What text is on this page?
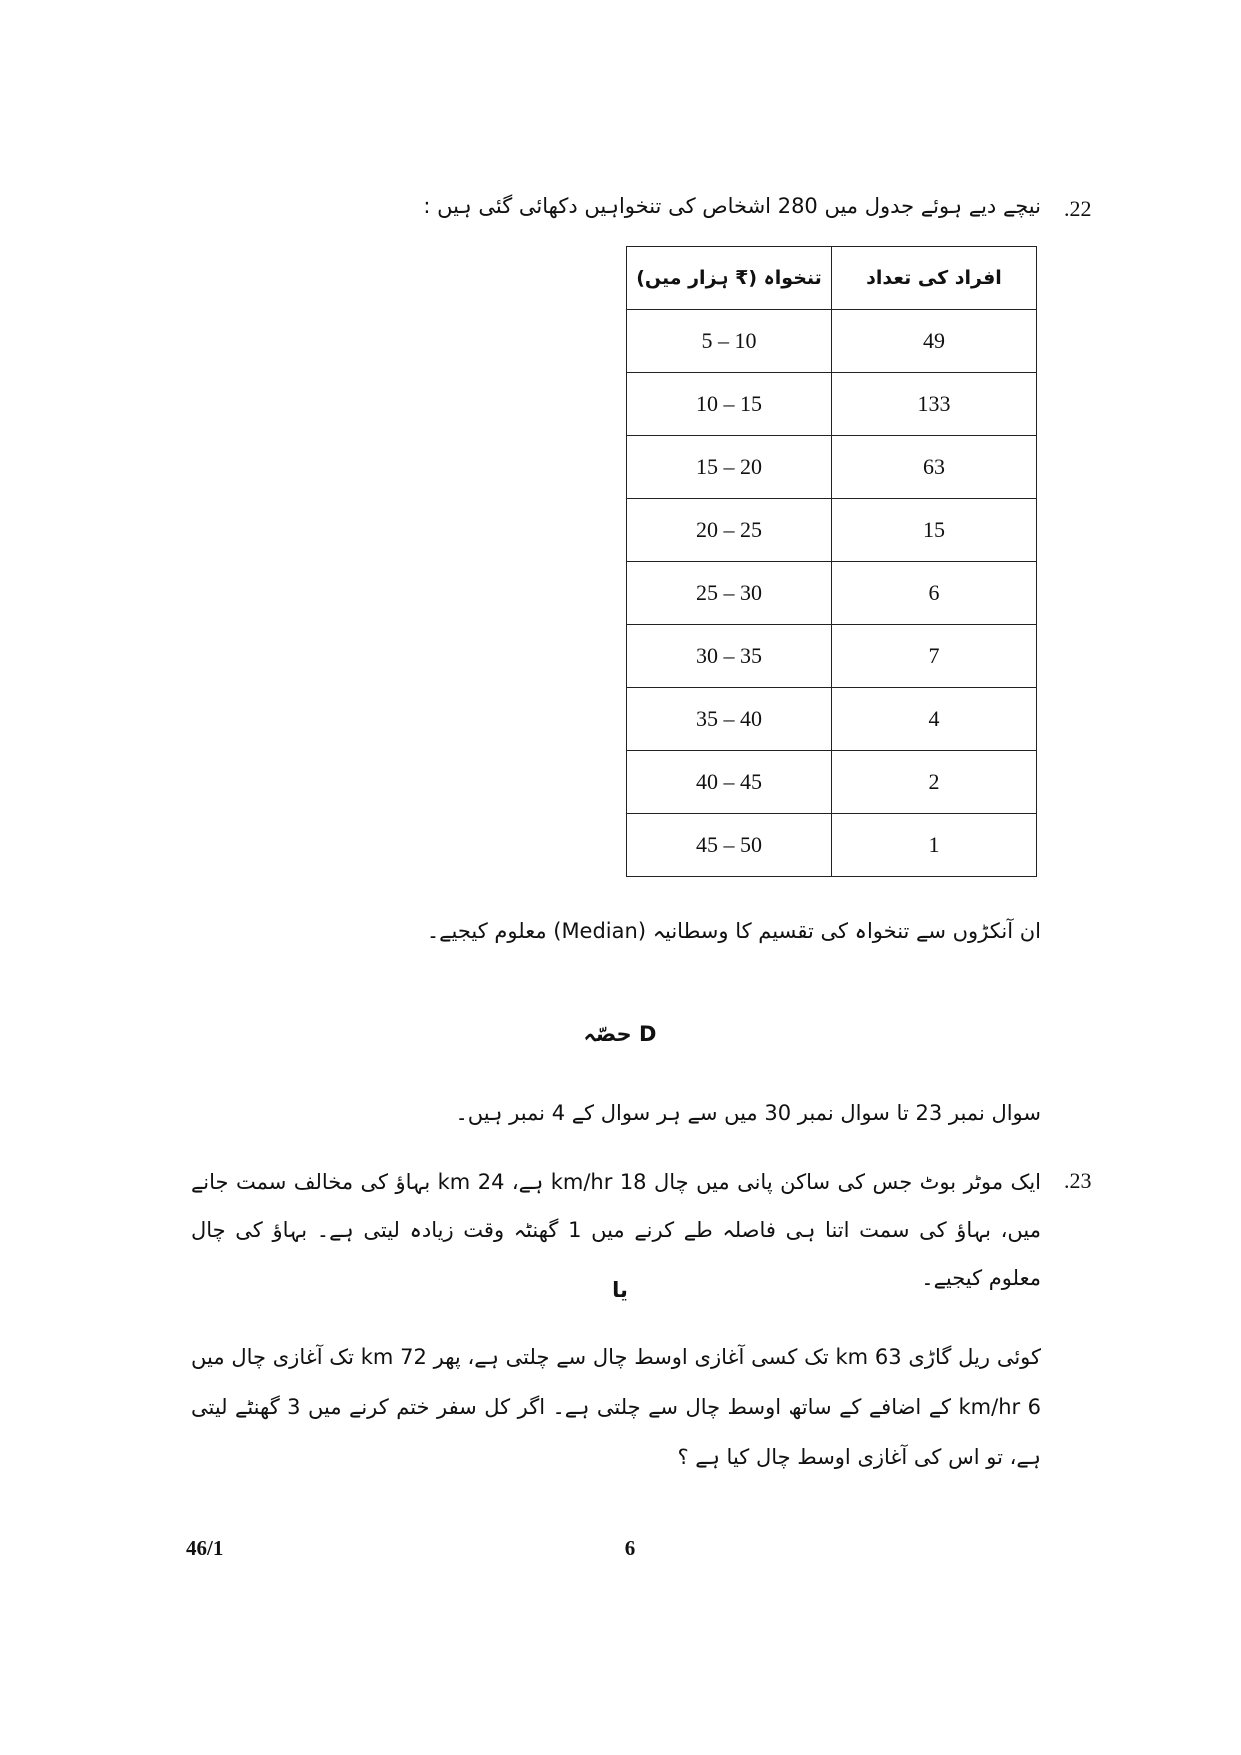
.22
نیچے دیے ہوئے جدول میں 280 اشخاص کی تنخواہیں دکھائی گئی ہیں :
تنخواہ (₹ ہزار میں)	افراد کی تعداد
5 – 10	49
10 – 15	133
15 – 20	63
20 – 25	15
25 – 30	6
30 – 35	7
35 – 40	4
40 – 45	2
45 – 50	1
ان آنکڑوں سے تنخواہ کی تقسیم کا وسطانیہ (Median) معلوم کیجیے۔
حصّہ D
سوال نمبر 23 تا سوال نمبر 30 میں سے ہر سوال کے 4 نمبر ہیں۔
.23
ایک موٹر بوٹ جس کی ساکن پانی میں چال 18 km/hr ہے، 24 km بہاؤ کی مخالف سمت جانے میں، بہاؤ کی سمت اتنا ہی فاصلہ طے کرنے میں 1 گھنٹہ وقت زیادہ لیتی ہے۔ بہاؤ کی چال معلوم کیجیے۔
یا
کوئی ریل گاڑی 63 km تک کسی آغازی اوسط چال سے چلتی ہے، پھر 72 km تک آغازی چال میں 6 km/hr کے اضافے کے ساتھ اوسط چال سے چلتی ہے۔ اگر کل سفر ختم کرنے میں 3 گھنٹے لیتی ہے، تو اس کی آغازی اوسط چال کیا ہے ؟
46/1	6
